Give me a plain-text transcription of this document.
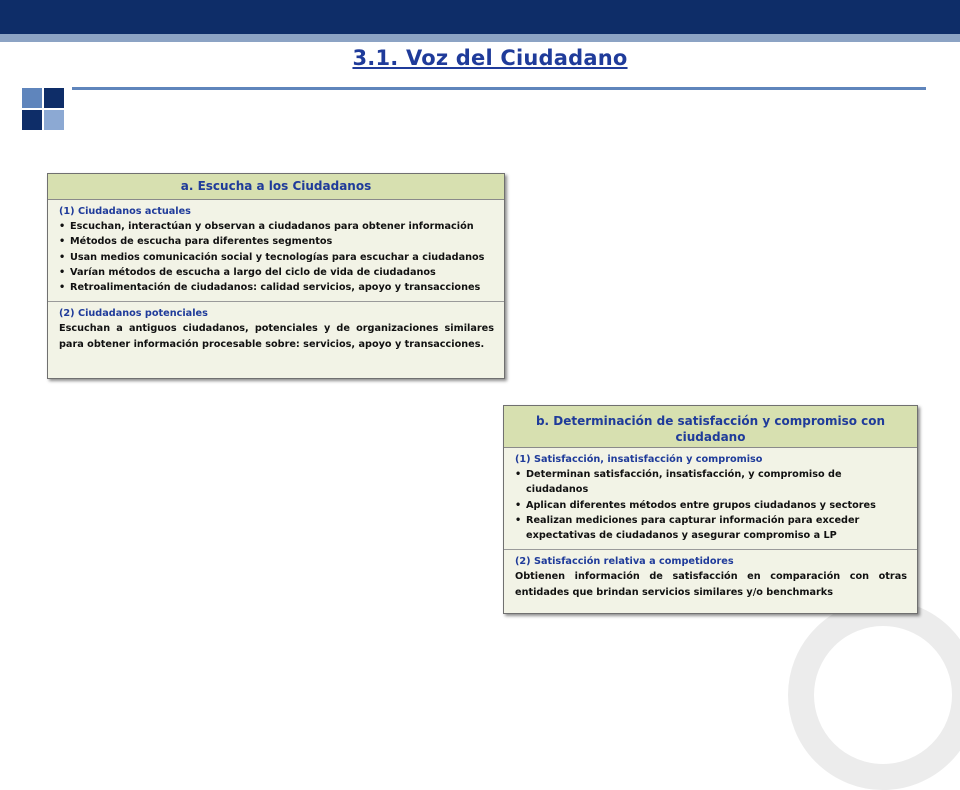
3.1. Voz del Ciudadano
a. Escucha a los Ciudadanos
(1) Ciudadanos actuales
• Escuchan, interactúan y observan a ciudadanos para obtener información
• Métodos de escucha para diferentes segmentos
• Usan medios comunicación social y tecnologías para escuchar a ciudadanos
• Varían métodos de escucha a largo del ciclo de vida de ciudadanos
• Retroalimentación de ciudadanos: calidad servicios, apoyo y transacciones
(2) Ciudadanos potenciales
Escuchan a antiguos ciudadanos, potenciales y de organizaciones similares para obtener información procesable sobre: servicios, apoyo y transacciones.
b. Determinación de satisfacción y compromiso con ciudadano
(1) Satisfacción, insatisfacción y compromiso
• Determinan satisfacción, insatisfacción, y compromiso de ciudadanos
• Aplican diferentes métodos entre grupos ciudadanos y sectores
• Realizan mediciones para capturar información para exceder expectativas de ciudadanos y asegurar compromiso a LP
(2) Satisfacción relativa a competidores
Obtienen información de satisfacción en comparación con otras entidades que brindan servicios similares y/o benchmarks
